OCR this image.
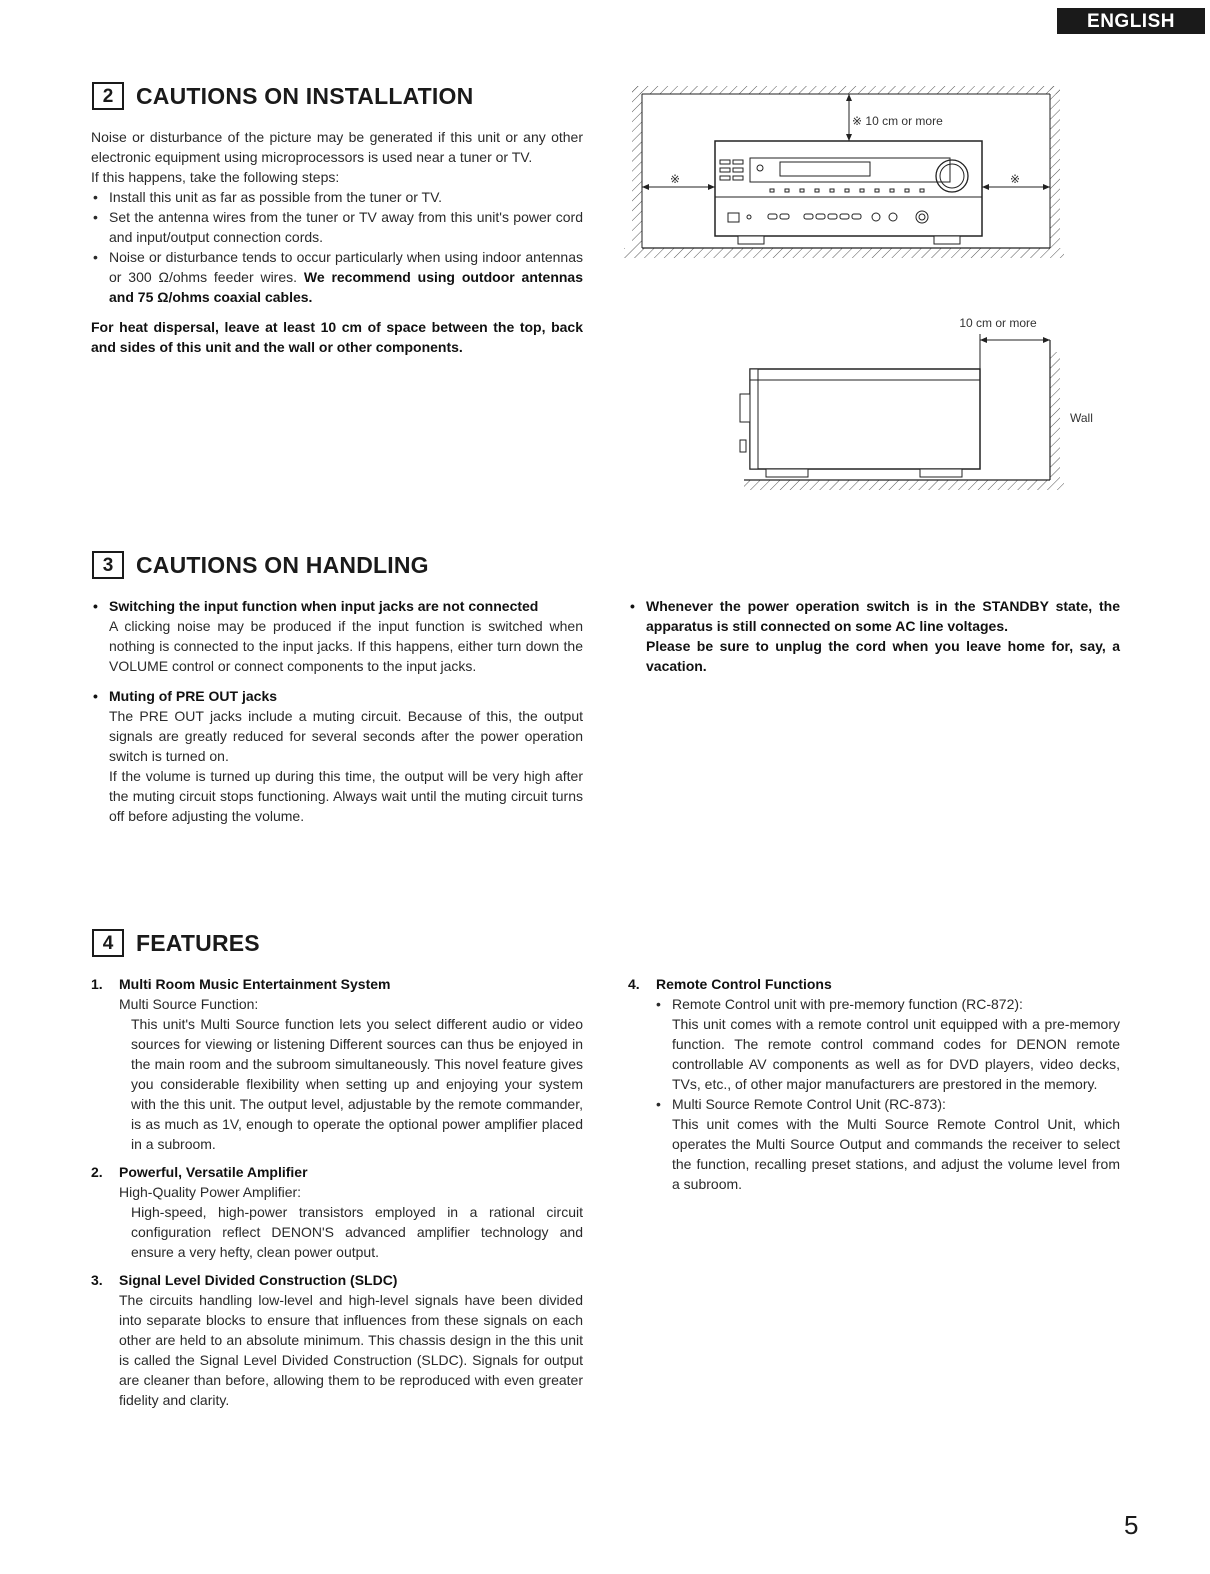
ENGLISH
2 CAUTIONS ON INSTALLATION

Noise or disturbance of the picture may be generated if this unit or any other electronic equipment using microprocessors is used near a tuner or TV.

If this happens, take the following steps:

• Install this unit as far as possible from the tuner or TV.
• Set the antenna wires from the tuner or TV away from this unit's power cord and input/output connection cords.
• Noise or disturbance tends to occur particularly when using indoor antennas or 300 Ω/ohms feeder wires. We recommend using outdoor antennas and 75 Ω/ohms coaxial cables.

For heat dispersal, leave at least 10 cm of space between the top, back and sides of this unit and the wall or other components.

※ 10 cm or more
※	※
10 cm or more
Wall
3 CAUTIONS ON HANDLING

• Switching the input function when input jacks are not connected

A clicking noise may be produced if the input function is switched when nothing is connected to the input jacks. If this happens, either turn down the VOLUME control or connect components to the input jacks.

• Muting of PRE OUT jacks

The PRE OUT jacks include a muting circuit. Because of this, the output signals are greatly reduced for several seconds after the power operation switch is turned on.

If the volume is turned up during this time, the output will be very high after the muting circuit stops functioning. Always wait until the muting circuit turns off before adjusting the volume.

• Whenever the power operation switch is in the STANDBY state, the apparatus is still connected on some AC line voltages.

Please be sure to unplug the cord when you leave home for, say, a vacation.

4 FEATURES

1. Multi Room Music Entertainment System

Multi Source Function:

This unit's Multi Source function lets you select different audio or video sources for viewing or listening Different sources can thus be enjoyed in the main room and the subroom simultaneously. This novel feature gives you considerable flexibility when setting up and enjoying your system with the this unit. The output level, adjustable by the remote commander, is as much as 1V, enough to operate the optional power amplifier placed in a subroom.

2. Powerful, Versatile Amplifier

High-Quality Power Amplifier:

High-speed, high-power transistors employed in a rational circuit configuration reflect DENON'S advanced amplifier technology and ensure a very hefty, clean power output.

3. Signal Level Divided Construction (SLDC)

The circuits handling low-level and high-level signals have been divided into separate blocks to ensure that influences from these signals on each other are held to an absolute minimum. This chassis design in the this unit is called the Signal Level Divided Construction (SLDC). Signals for output are cleaner than before, allowing them to be reproduced with even greater fidelity and clarity.

4. Remote Control Functions

• Remote Control unit with pre-memory function (RC-872):

This unit comes with a remote control unit equipped with a pre-memory function. The remote control command codes for DENON remote controllable AV components as well as for DVD players, video decks, TVs, etc., of other major manufacturers are prestored in the memory.

• Multi Source Remote Control Unit (RC-873):

This unit comes with the Multi Source Remote Control Unit, which operates the Multi Source Output and commands the receiver to select the function, recalling preset stations, and adjust the volume level from a subroom.

5
